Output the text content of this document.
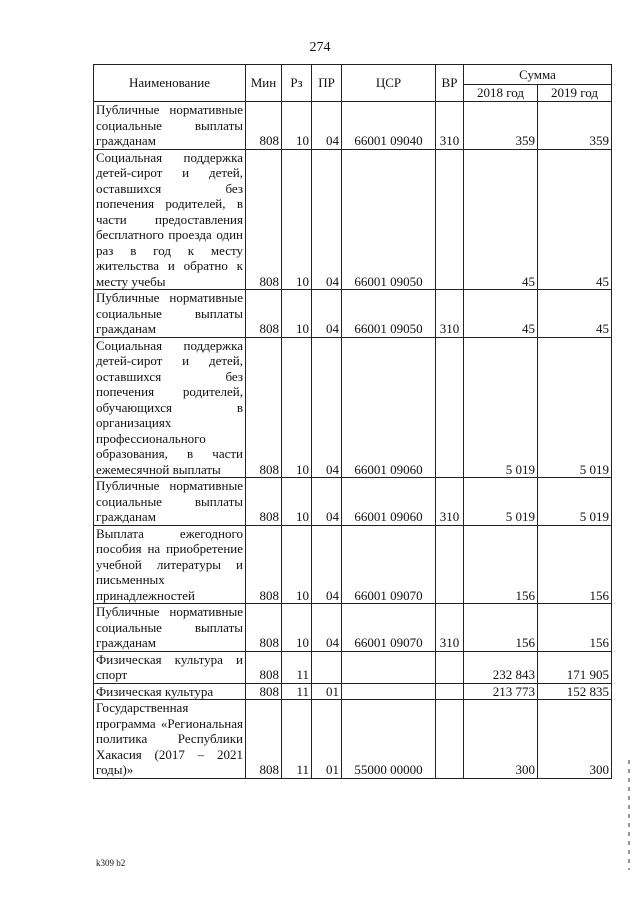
274
Наименование	Мин	Рз	ПР	ЦСР	ВР	Сумма	
						2018 год	2019 год
Публичные нормативные социальные выплаты гражданам	808	10	04	66001 09040	310	359	359
Социальная поддержка детей-сирот и детей, оставшихся без попечения родителей, в части предоставления бесплатного проезда один раз в год к месту жительства и обратно к месту учебы	808	10	04	66001 09050		45	45
Публичные нормативные социальные выплаты гражданам	808	10	04	66001 09050	310	45	45
Социальная поддержка детей-сирот и детей, оставшихся без попечения родителей, обучающихся в организациях профессионального образования, в части ежемесячной выплаты	808	10	04	66001 09060		5 019	5 019
Публичные нормативные социальные выплаты гражданам	808	10	04	66001 09060	310	5 019	5 019
Выплата ежегодного пособия на приобретение учебной литературы и письменных принадлежностей	808	10	04	66001 09070		156	156
Публичные нормативные социальные выплаты гражданам	808	10	04	66001 09070	310	156	156
Физическая культура и спорт	808	11				232 843	171 905
Физическая культура	808	11	01			213 773	152 835
Государственная программа «Региональная политика Республики Хакасия (2017 – 2021 годы)»	808	11	01	55000 00000		300	300
k309 b2
